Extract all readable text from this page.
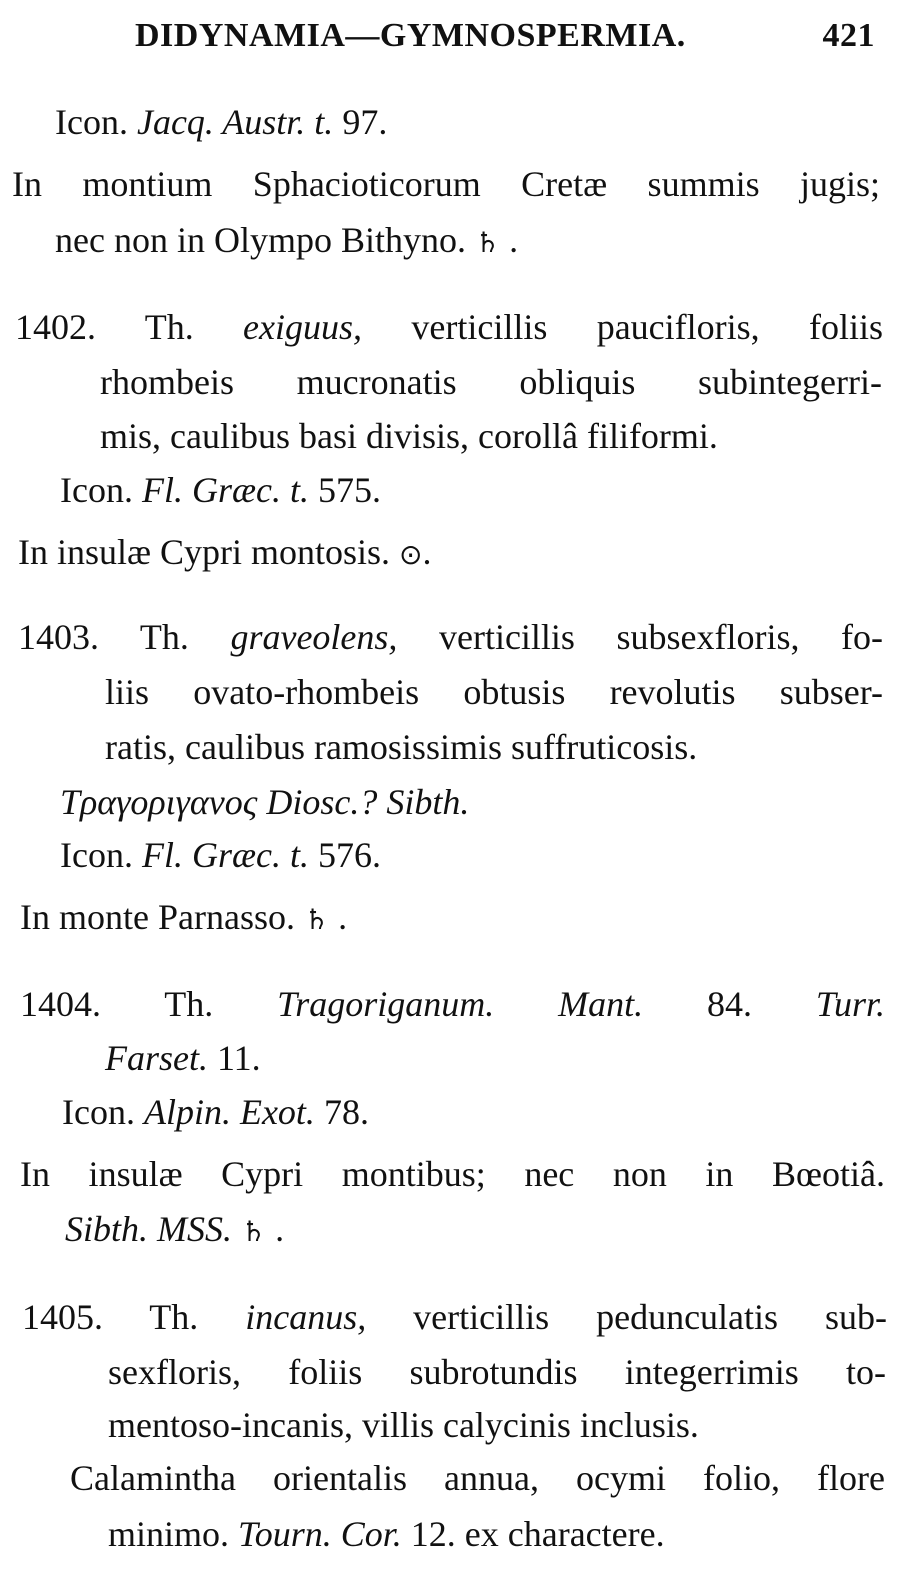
DIDYNAMIA—GYMNOSPERMIA.	421
Icon. Jacq. Austr. t. 97.
In montium Sphacioticorum Cretæ summis jugis;
nec non in Olympo Bithyno. ♄ .
1402. Th. exiguus, verticillis paucifloris, foliis
rhombeis mucronatis obliquis subintegerri-
mis, caulibus basi divisis, corollâ filiformi.
Icon. Fl. Græc. t. 575.
In insulæ Cypri montosis. ⊙.
1403. Th. graveolens, verticillis subsexfloris, fo-
liis ovato-rhombeis obtusis revolutis subser-
ratis, caulibus ramosissimis suffruticosis.
Τραγοριγανος Diosc.? Sibth.
Icon. Fl. Græc. t. 576.
In monte Parnasso. ♄ .
1404. Th. Tragoriganum. Mant. 84. Turr.
Farset. 11.
Icon. Alpin. Exot. 78.
In insulæ Cypri montibus; nec non in Bœotiâ.
Sibth. MSS. ♄ .
1405. Th. incanus, verticillis pedunculatis sub-
sexfloris, foliis subrotundis integerrimis to-
mentoso-incanis, villis calycinis inclusis.
Calamintha orientalis annua, ocymi folio, flore
minimo. Tourn. Cor. 12. ex charactere.
